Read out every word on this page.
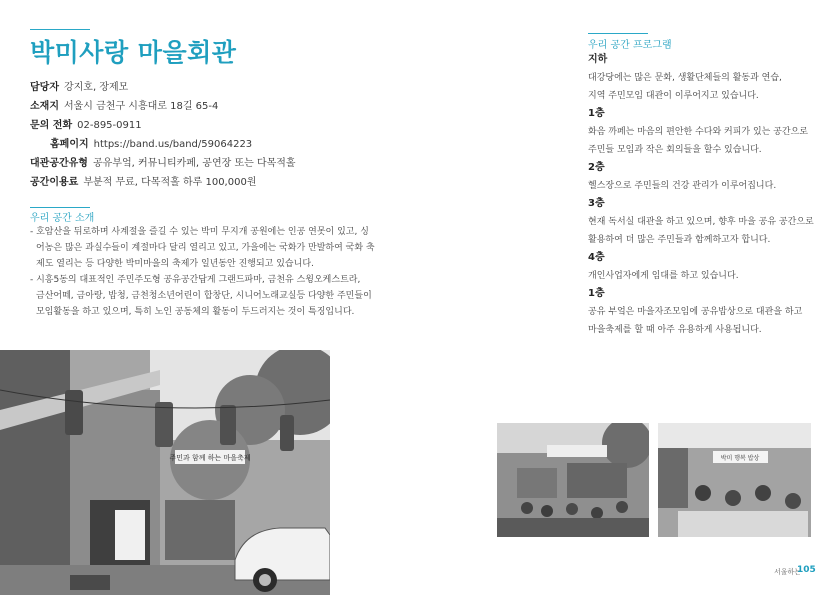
박미사랑 마을회관
담당자 강지호, 장제모
소재지 서울시 금천구 시흥대로 18길 65-4
문의 전화 02-895-0911
홈페이지 https://band.us/band/59064223
대관공간유형 공유부엌, 커뮤니티카페, 공연장 또는 다목적홀
공간이용료 부분적 무료, 다목적홀 하루 100,000원
우리 공간 소개
- 호암산을 뒤로하며 사계절을 즐길 수 있는 박미 무지개 공원에는 인공 연못이 있고, 싱
어농은 많은 과실수들이 계절마다 달리 열리고 있고, 가을에는 국화가 만발하여 국화 축
제도 열리는 등 다양한 박미마을의 축제가 일년동안 진행되고 있습니다.
- 시흥5동의 대표적인 주민주도형 공유공간답게 그랜드파마, 금천유 스윙오케스트라,
금산어떼, 금아랑, 밥청, 금천청소년어린이 합창단, 시니어노래교실등 다양한 주민들이
모임활동을 하고 있으며, 특히 노인 공동체의 활동이 두드러지는 것이 특징입니다.
주민과 함께 하는 마을축제
우리 공간 프로그램
지하
대강당에는 많은 문화, 생활단체들의 활동과 연습,
지역 주민모임 대관이 이루어지고 있습니다.
1층
화음 까페는 마음의 편안한 수다와 커피가 있는 공간으로
주민들 모임과 작은 회의들을 할수 있습니다.
2층
헬스장으로 주민들의 건강 관리가 이루어집니다.
3층
현재 독서실 대관을 하고 있으며, 향후 마을 공유 공간으로
활용하여 더 많은 주민들과 함께하고자 합니다.
4층
개인사업자에게 임대를 하고 있습니다.
1층
공유 부엌은 마을자조모임에 공유밥상으로 대관을 하고
마을축제를 할 때 아주 유용하게 사용됩니다.
박미 행복 밥상
서울하는
105
